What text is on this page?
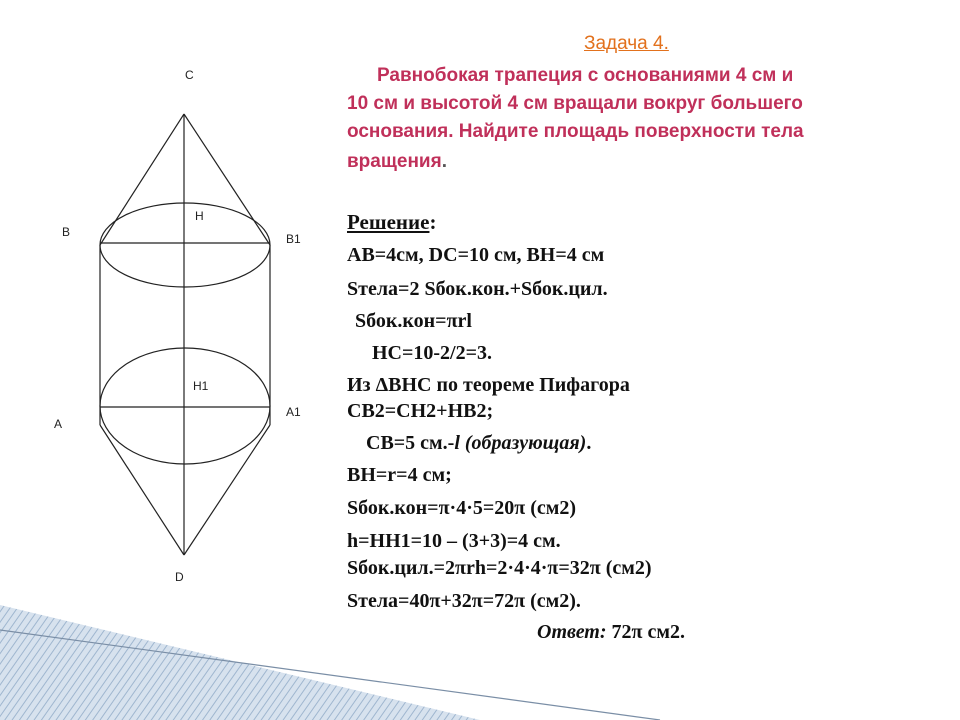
C
B	B1
H
H1
A
A1
D
Задача 4.
Равнобокая трапеция с основаниями 4 см и
10 см и высотой 4 см вращали вокруг большего
основания. Найдите площадь поверхности тела
вращения.
Решение:
AB=4см, DC=10 см, BH=4 см
Sтела=2 Sбок.кон.+Sбок.цил.
Sбок.кон=πrl
HC=10-2/2=3.
Из ΔBHC по теореме Пифагора
CB2=CH2+HB2;
CB=5 см.-l (образующая).
BH=r=4 см;
Sбок.кон=π·4·5=20π (см2)
h=HH1=10 – (3+3)=4 см.
Sбок.цил.=2πrh=2·4·4·π=32π (см2)
Sтела=40π+32π=72π (см2).
Ответ: 72π см2.
